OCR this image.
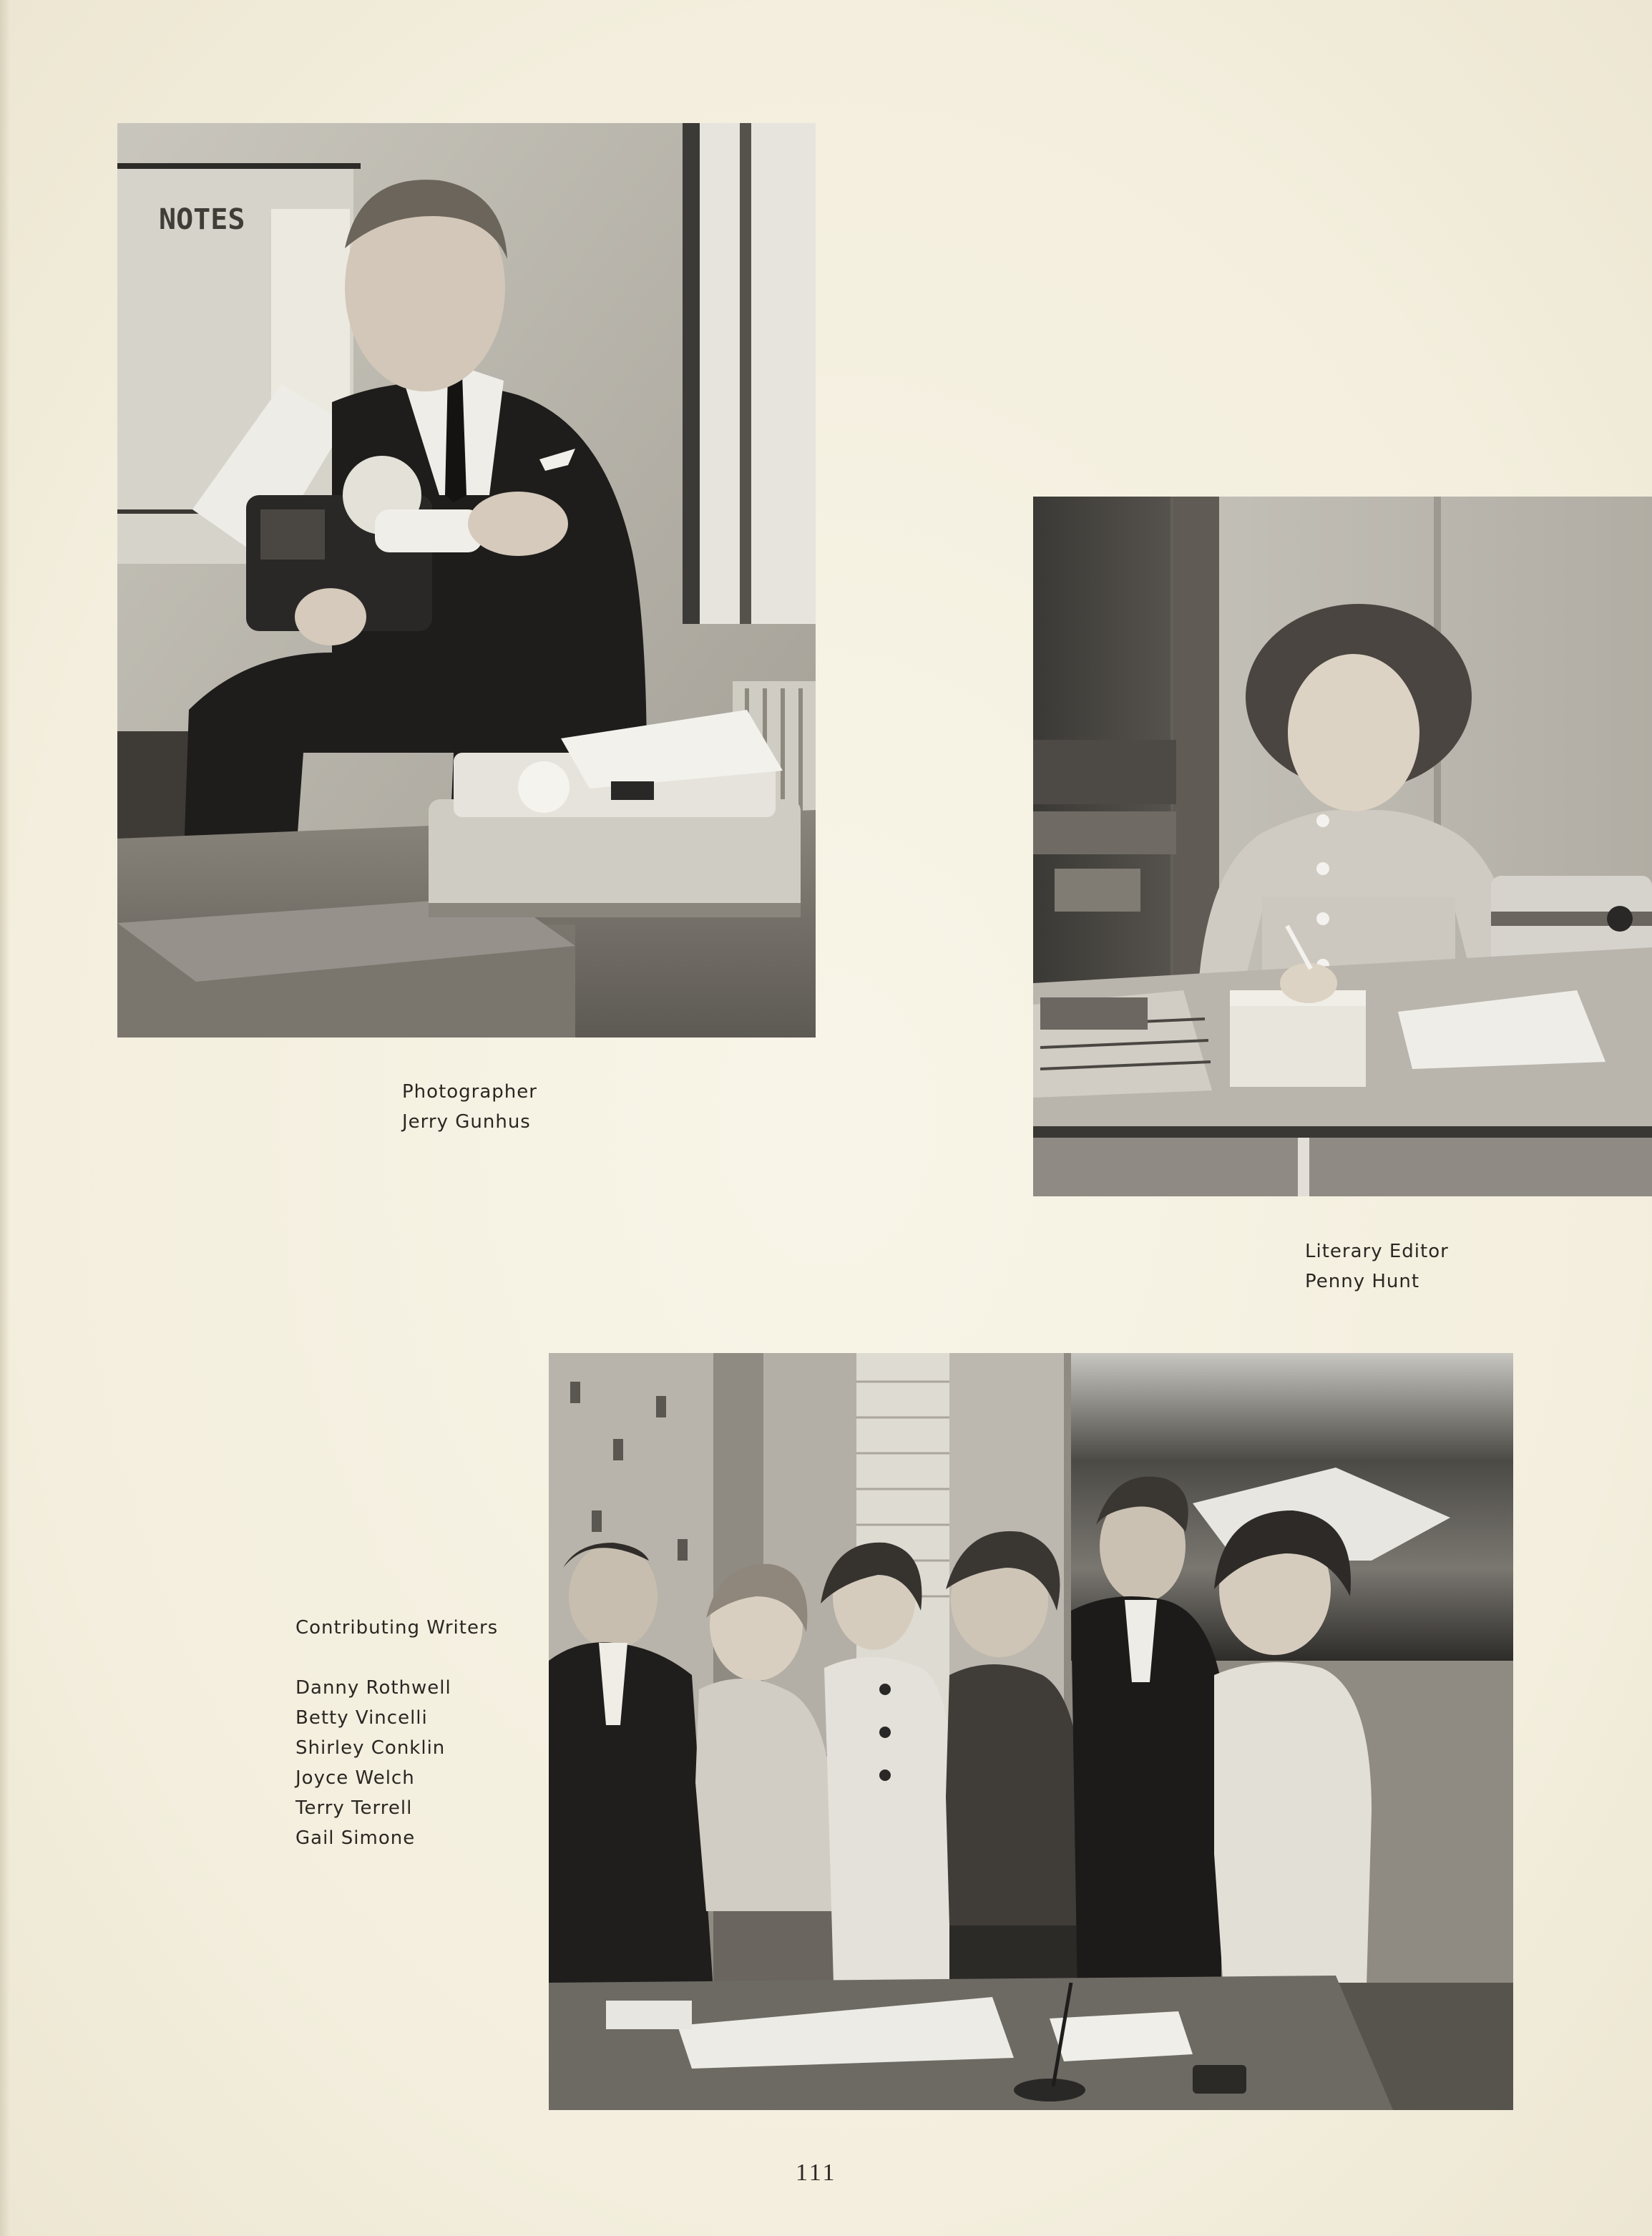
NOTES
Photographer
Jerry Gunhus
Literary Editor
Penny Hunt
Contributing Writers
Danny Rothwell
Betty Vincelli
Shirley Conklin
Joyce Welch
Terry Terrell
Gail Simone
111
